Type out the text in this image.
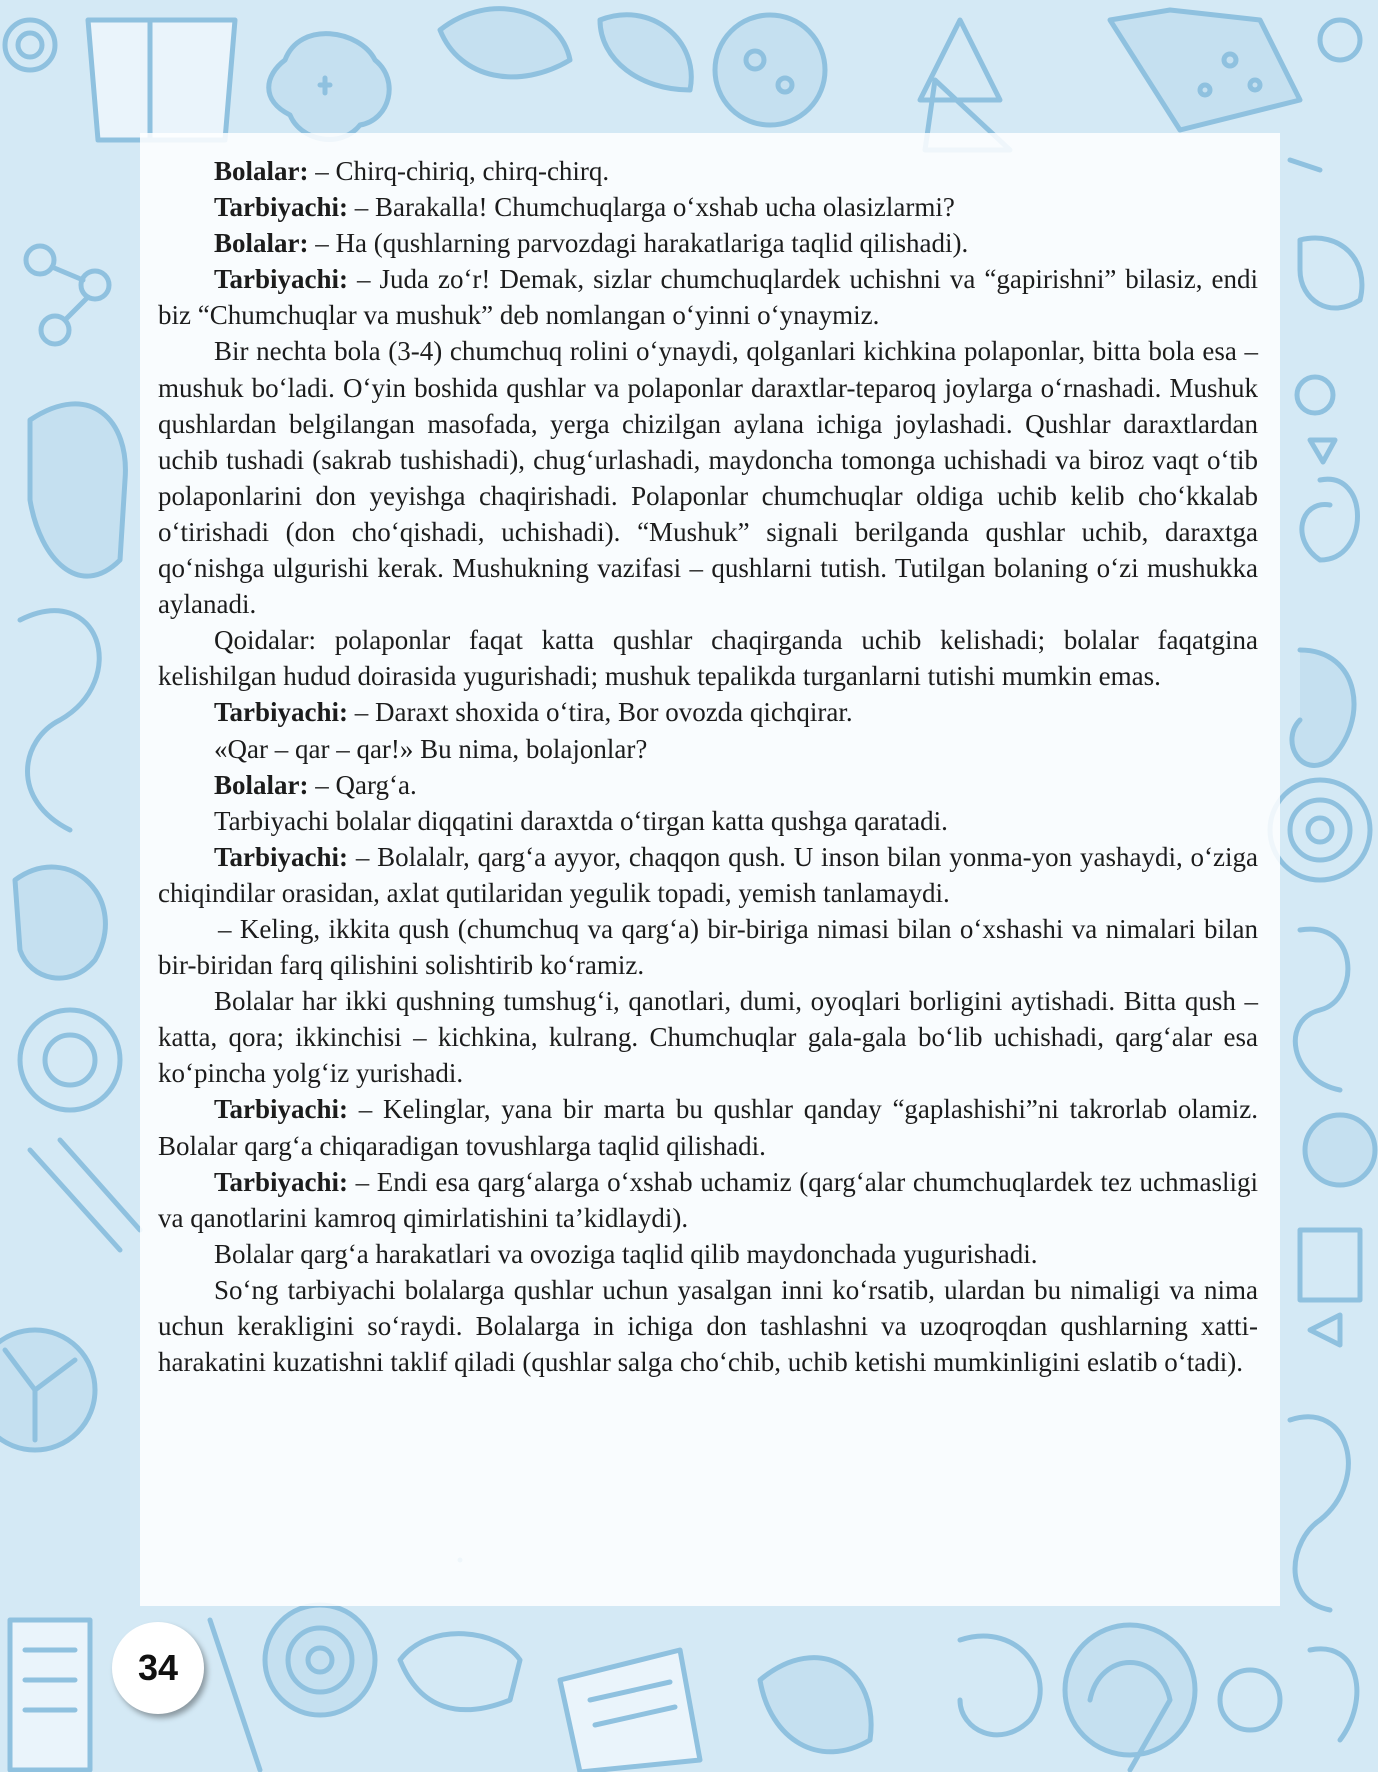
Bolalar: – Chirq-chiriq, chirq-chirq.

Tarbiyachi: – Barakalla! Chumchuqlarga o‘xshab ucha olasizlarmi?

Bolalar: – Ha (qushlarning parvozdagi harakatlariga taqlid qilishadi).

Tarbiyachi: – Juda zo‘r! Demak, sizlar chumchuqlardek uchishni va “gapirishni” bilasiz, endi biz “Chumchuqlar va mushuk” deb nomlangan o‘yinni o‘ynaymiz.

Bir nechta bola (3-4) chumchuq rolini o‘ynaydi, qolganlari kichkina polaponlar, bitta bola esa – mushuk bo‘ladi. O‘yin boshida qushlar va polaponlar daraxtlar-teparoq joylarga o‘rnashadi. Mushuk qushlardan belgilangan masofada, yerga chizilgan aylana ichiga joylashadi. Qushlar daraxtlardan uchib tushadi (sakrab tushishadi), chug‘urlashadi, maydoncha tomonga uchishadi va biroz vaqt o‘tib polaponlarini don yeyishga chaqirishadi. Polaponlar chumchuqlar oldiga uchib kelib cho‘kkalab o‘tirishadi (don cho‘qishadi, uchishadi). “Mushuk” signali berilganda qushlar uchib, daraxtga qo‘nishga ulgurishi kerak. Mushukning vazifasi – qushlarni tutish. Tutilgan bolaning o‘zi mushukka aylanadi.

Qoidalar: polaponlar faqat katta qushlar chaqirganda uchib kelishadi; bolalar faqatgina kelishilgan hudud doirasida yugurishadi; mushuk tepalikda turganlarni tutishi mumkin emas.

Tarbiyachi: – Daraxt shoxida o‘tira, Bor ovozda qichqirar.

«Qar – qar – qar!» Bu nima, bolajonlar?

Bolalar: – Qarg‘a.

Tarbiyachi bolalar diqqatini daraxtda o‘tirgan katta qushga qaratadi.

Tarbiyachi: – Bolalalr, qarg‘a ayyor, chaqqon qush. U inson bilan yonma-yon yashaydi, o‘ziga chiqindilar orasidan, axlat qutilaridan yegulik topadi, yemish tanlamaydi.

– Keling, ikkita qush (chumchuq va qarg‘a) bir-biriga nimasi bilan o‘xshashi va nimalari bilan bir-biridan farq qilishini solishtirib ko‘ramiz.

Bolalar har ikki qushning tumshug‘i, qanotlari, dumi, oyoqlari borligini aytishadi. Bitta qush – katta, qora; ikkinchisi – kichkina, kulrang. Chumchuqlar gala-gala bo‘lib uchishadi, qarg‘alar esa ko‘pincha yolg‘iz yurishadi.

Tarbiyachi: – Kelinglar, yana bir marta bu qushlar qanday “gaplashishi”ni takrorlab olamiz. Bolalar qarg‘a chiqaradigan tovushlarga taqlid qilishadi.

Tarbiyachi: – Endi esa qarg‘alarga o‘xshab uchamiz (qarg‘alar chumchuqlardek tez uchmasligi va qanotlarini kamroq qimirlatishini ta’kidlaydi).

Bolalar qarg‘a harakatlari va ovoziga taqlid qilib maydonchada yugurishadi.

So‘ng tarbiyachi bolalarga qushlar uchun yasalgan inni ko‘rsatib, ulardan bu nimaligi va nima uchun kerakligini so‘raydi. Bolalarga in ichiga don tashlashni va uzoqroqdan qushlarning xatti-harakatini kuzatishni taklif qiladi (qushlar salga cho‘chib, uchib ketishi mumkinligini eslatib o‘tadi).

34
